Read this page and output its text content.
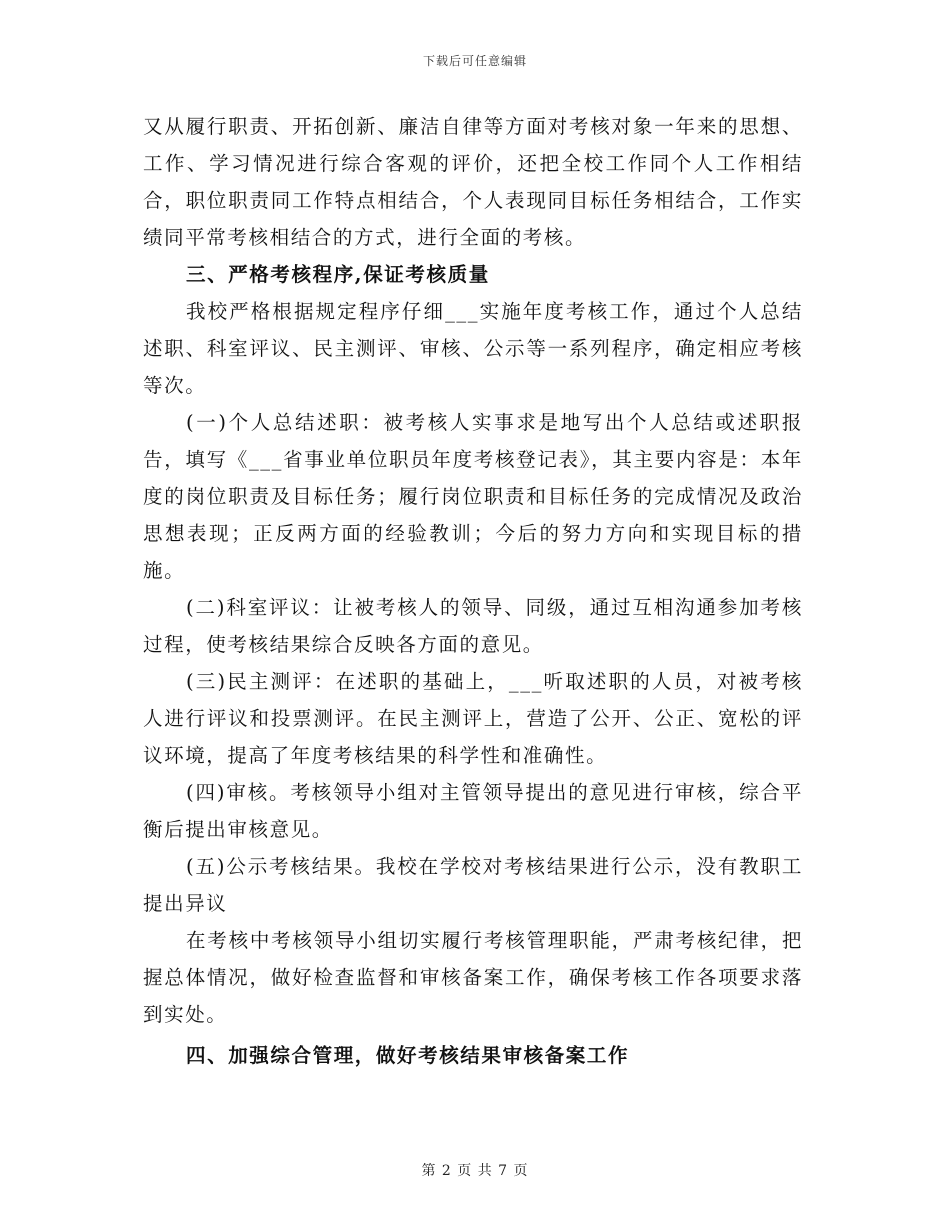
下载后可任意编辑

又从履行职责、开拓创新、廉洁自律等方面对考核对象一年来的思想、工作、学习情况进行综合客观的评价，还把全校工作同个人工作相结合，职位职责同工作特点相结合，个人表现同目标任务相结合，工作实绩同平常考核相结合的方式，进行全面的考核。

三、严格考核程序,保证考核质量

我校严格根据规定程序仔细___实施年度考核工作，通过个人总结述职、科室评议、民主测评、审核、公示等一系列程序，确定相应考核等次。

(一)个人总结述职：被考核人实事求是地写出个人总结或述职报告，填写《___省事业单位职员年度考核登记表》，其主要内容是：本年度的岗位职责及目标任务；履行岗位职责和目标任务的完成情况及政治思想表现；正反两方面的经验教训；今后的努力方向和实现目标的措施。

(二)科室评议：让被考核人的领导、同级，通过互相沟通参加考核过程，使考核结果综合反映各方面的意见。

(三)民主测评：在述职的基础上，___听取述职的人员，对被考核人进行评议和投票测评。在民主测评上，营造了公开、公正、宽松的评议环境，提高了年度考核结果的科学性和准确性。

(四)审核。考核领导小组对主管领导提出的意见进行审核，综合平衡后提出审核意见。

(五)公示考核结果。我校在学校对考核结果进行公示，没有教职工提出异议

在考核中考核领导小组切实履行考核管理职能，严肃考核纪律，把握总体情况，做好检查监督和审核备案工作，确保考核工作各项要求落到实处。

四、加强综合管理，做好考核结果审核备案工作

第 2 页 共 7 页
